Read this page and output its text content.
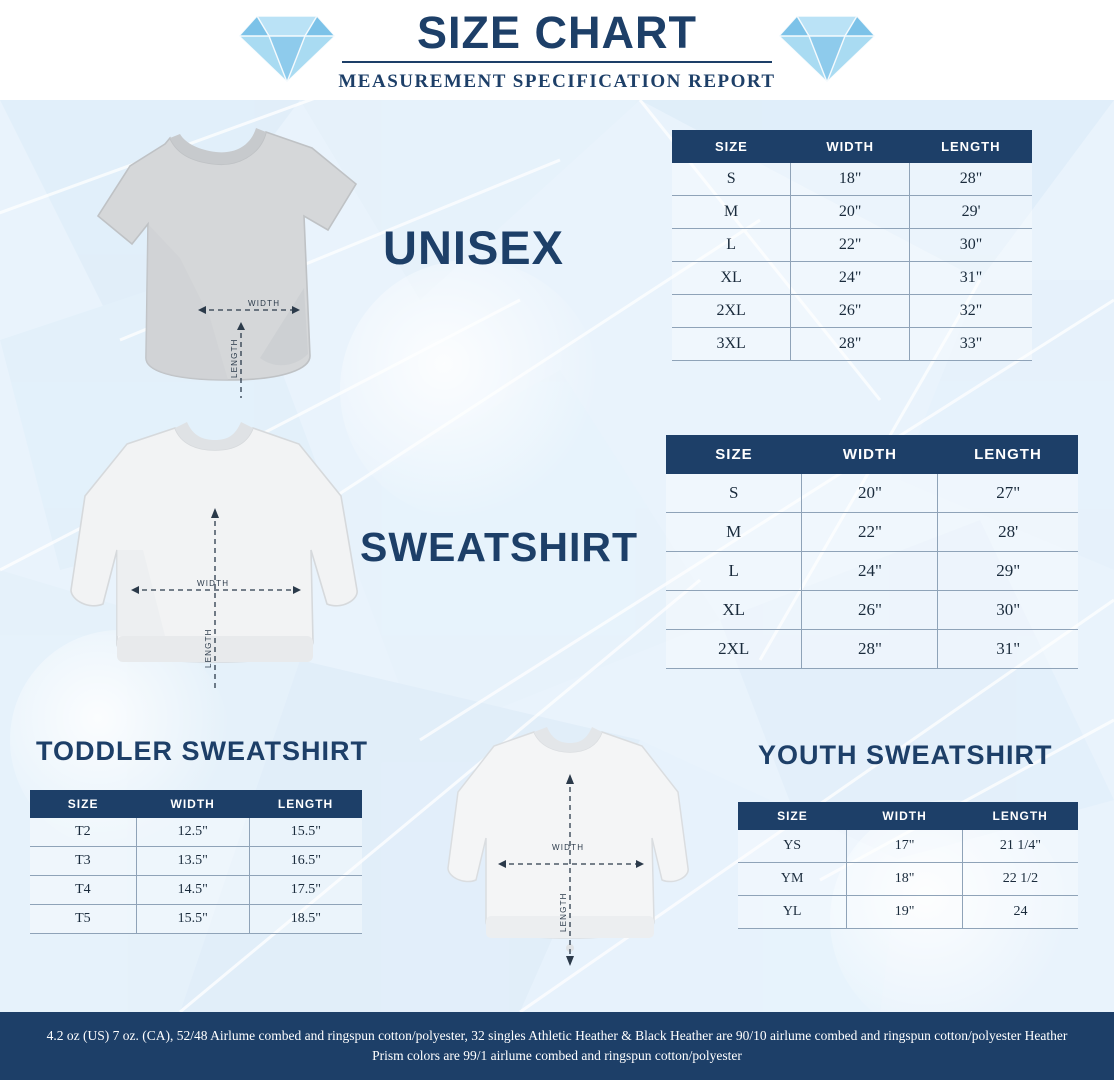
SIZE CHART
MEASUREMENT SPECIFICATION REPORT
WIDTH
LENGTH
UNISEX
SIZE	WIDTH	LENGTH
S	18"	28"
M	20"	29'
L	22"	30"
XL	24"	31"
2XL	26"	32"
3XL	28"	33"
WIDTH
LENGTH
SWEATSHIRT
SIZE	WIDTH	LENGTH
S	20"	27"
M	22"	28'
L	24"	29"
XL	26"	30"
2XL	28"	31"
TODDLER SWEATSHIRT
SIZE	WIDTH	LENGTH
T2	12.5"	15.5"
T3	13.5"	16.5"
T4	14.5"	17.5"
T5	15.5"	18.5"
WIDTH
LENGTH
YOUTH SWEATSHIRT
SIZE	WIDTH	LENGTH
YS	17"	21 1/4"
YM	18"	22 1/2
YL	19"	24

4.2 oz (US) 7 oz. (CA), 52/48 Airlume combed and ringspun cotton/polyester, 32 singles Athletic Heather & Black Heather are 90/10 airlume combed and ringspun cotton/polyester Heather Prism colors are 99/1 airlume combed and ringspun cotton/polyester
